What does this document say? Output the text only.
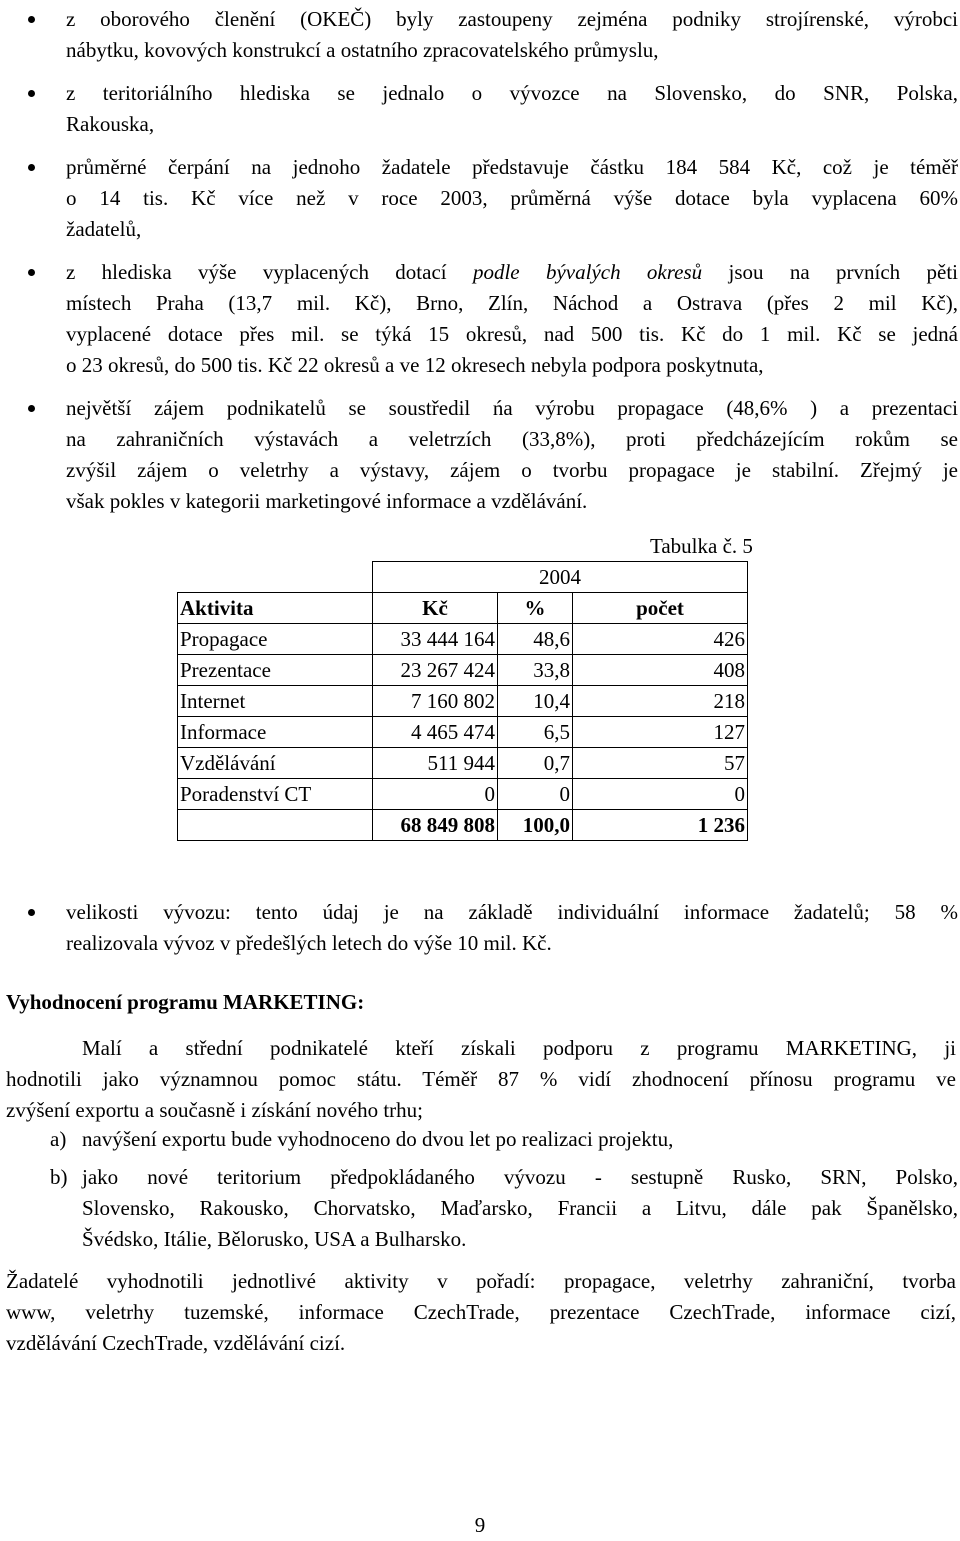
z oborového členění (OKEČ) byly zastoupeny zejména podniky strojírenské, výrobci
nábytku, kovových konstrukcí a ostatního zpracovatelského průmyslu,
z teritoriálního hlediska se jednalo o vývozce na Slovensko, do SNR, Polska,
Rakouska,
průměrné čerpání na jednoho žadatele představuje částku 184 584 Kč, což je téměř
o 14 tis. Kč více než v roce 2003, průměrná výše dotace byla vyplacena 60%
žadatelů,
z hlediska výše vyplacených dotací podle bývalých okresů jsou na prvních pěti
místech Praha (13,7 mil. Kč), Brno, Zlín, Náchod a Ostrava (přes 2 mil Kč),
vyplacené dotace přes mil. se týká 15 okresů, nad 500 tis. Kč do 1 mil. Kč se jedná
o 23 okresů, do 500 tis. Kč 22 okresů a ve 12 okresech nebyla podpora poskytnuta,
největší zájem podnikatelů se soustředil ńa výrobu propagace (48,6% ) a prezentaci
na zahraničních výstavách a veletrzích (33,8%), proti předcházejícím rokům se
zvýšil zájem o veletrhy a výstavy, zájem o tvorbu propagace je stabilní. Zřejmý je
však pokles v kategorii marketingové informace a vzdělávání.
Tabulka č. 5
	2004		
Aktivita	Kč	%	počet
Propagace	33 444 164	48,6	426
Prezentace	23 267 424	33,8	408
Internet	7 160 802	10,4	218
Informace	4 465 474	6,5	127
Vzdělávání	511 944	0,7	57
Poradenství CT	0	0	0
	68 849 808	100,0	1 236
velikosti vývozu: tento údaj je na základě individuální informace žadatelů; 58 %
realizovala vývoz v předešlých letech do výše 10 mil. Kč.
Vyhodnocení programu MARKETING:
Malí a střední podnikatelé kteří získali podporu z programu MARKETING, ji
hodnotili jako významnou pomoc státu. Téměř 87 % vidí zhodnocení přínosu programu ve
zvýšení exportu a současně i získání nového trhu;
a) navýšení exportu bude vyhodnoceno do dvou let po realizaci projektu,
b) jako nové teritorium předpokládaného vývozu - sestupně Rusko, SRN, Polsko,
Slovensko, Rakousko, Chorvatsko, Maďarsko, Francii a Litvu, dále pak Španělsko,
Švédsko, Itálie, Bělorusko, USA a Bulharsko.
Žadatelé vyhodnotili jednotlivé aktivity v pořadí: propagace, veletrhy zahraniční, tvorba
www, veletrhy tuzemské, informace CzechTrade, prezentace CzechTrade, informace cizí,
vzdělávání CzechTrade, vzdělávání cizí.
9
